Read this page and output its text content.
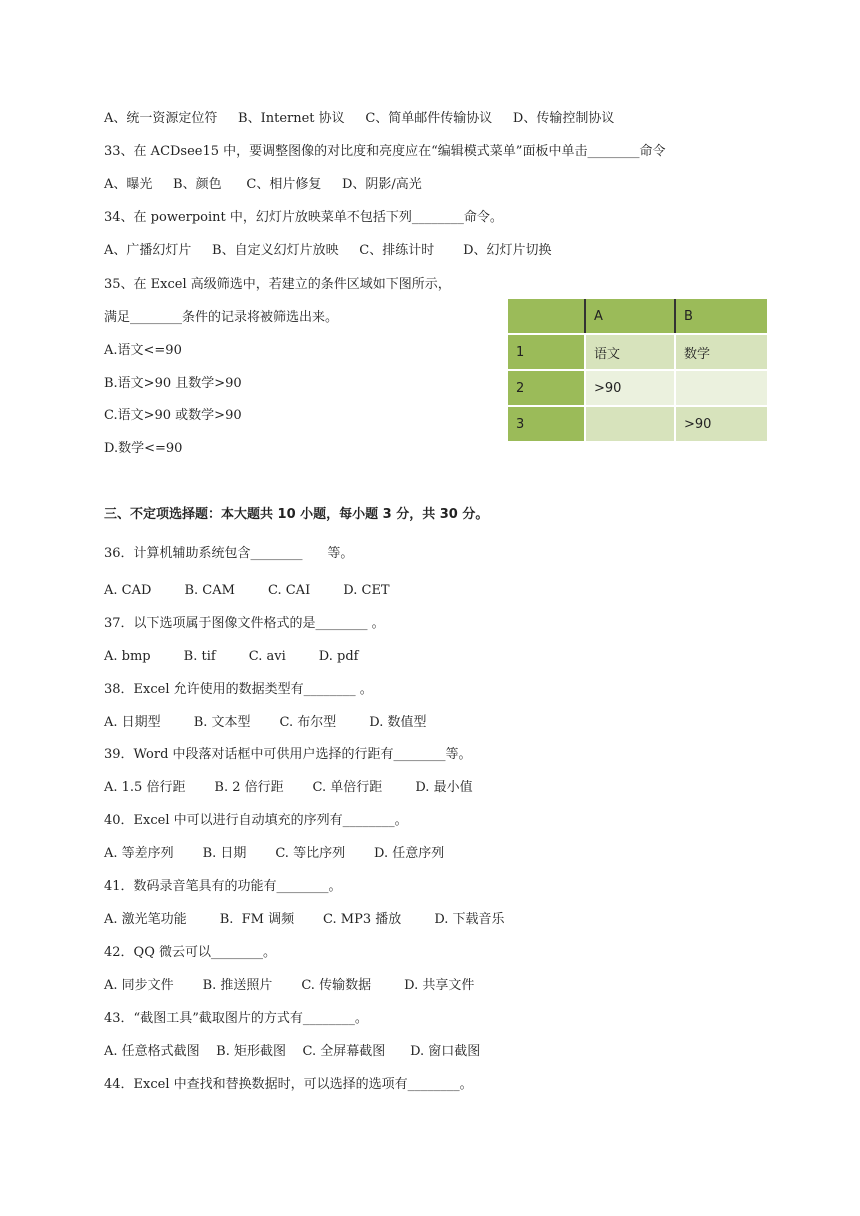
A、统一资源定位符     B、Internet 协议     C、简单邮件传输协议     D、传输控制协议
33、在 ACDsee15 中，要调整图像的对比度和亮度应在“编辑模式菜单”面板中单击________命令
A、曝光     B、颜色      C、相片修复     D、阴影/高光
34、在 powerpoint 中，幻灯片放映菜单不包括下列________命令。
A、广播幻灯片     B、自定义幻灯片放映     C、排练计时       D、幻灯片切换
35、在 Excel 高级筛选中，若建立的条件区域如下图所示，
满足________条件的记录将被筛选出来。
A.语文<=90
B.语文>90 且数学>90
C.语文>90 或数学>90
D.数学<=90
	A	B
1	语文	数学
2	>90	
3		>90
三、不定项选择题：本大题共 10 小题，每小题 3 分，共 30 分。
36．计算机辅助系统包含________      等。
A. CAD        B. CAM        C. CAI        D. CET
37．以下选项属于图像文件格式的是________ 。
A. bmp        B. tif        C. avi        D. pdf
38．Excel 允许使用的数据类型有________ 。
A. 日期型        B. 文本型       C. 布尔型        D. 数值型
39．Word 中段落对话框中可供用户选择的行距有________等。
A. 1.5 倍行距       B. 2 倍行距       C. 单倍行距        D. 最小值
40．Excel 中可以进行自动填充的序列有________。
A. 等差序列       B. 日期       C. 等比序列       D. 任意序列
41．数码录音笔具有的功能有________。
A. 激光笔功能        B.  FM 调频       C. MP3 播放        D. 下载音乐
42．QQ 微云可以________。
A. 同步文件       B. 推送照片       C. 传输数据        D. 共享文件
43．“截图工具”截取图片的方式有________。
A. 任意格式截图    B. 矩形截图    C. 全屏幕截图      D. 窗口截图
44．Excel 中查找和替换数据时，可以选择的选项有________。
